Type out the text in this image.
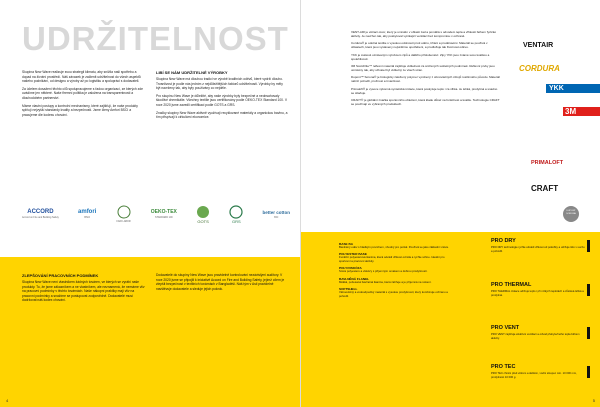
UDRŽITELNOST

Skupina New Wave realizuje svou strategii klimatu, aby snížila naši spotřebu a dopad na životní prostředí. Náš závazek je začlenit udržitelnost do všech aspektů našeho podnikání, od designu a výroby až po logistiku a spolupráci s dodavateli.

Za účelem dosažení těchto cílů spolupracujeme s řadou organizací, ze kterých zde uvádíme jen některé. Naše firemní politika je založena na transparentnosti a dlouhodobém partnerství.

Máme vlastní postupy a kontrolní mechanismy, které zajišťují, že naše produkty splňují nejvyšší standardy kvality a bezpečnosti. Jsme členy Amfori BSCI a pracujeme dle kodexu chování.

LIBÍ SE NÁM UDRŽITELNÉ VÝROBKY

Skupina New Wave má dlouhou tradici ve výrobě kvalitních oděvů, které vydrží dlouho. Trvanlivost je podle nás jedním z nejdůležitějších faktorů udržitelnosti. Výrobky by měly být navrženy tak, aby byly používány co nejdéle.

Pro skupinu New Wave je důležité, aby naše výrobky byly bezpečné a neobsahovaly škodlivé chemikálie. Všechny textilie jsou certifikovány podle OEKO-TEX Standard 100. V roce 2020 jsme zavedli certifikaci podle GOTS a GRS.

Značky skupiny New Wave aktivně využívají recyklované materiály a organickou bavlnu, a tím přispívají k cirkulární ekonomice.

ACCORD
Accord on Fire and Building Safety
amfori
BSCI
FAIR LABOR
OEKO-TEX
STANDARD 100
GOTS	GRS
better cotton
BCI
ZLEPŠOVÁNÍ PRACOVNÍCH PODMÍNEK

Skupina New Wave není vlastníkem žádných továren, ve kterých se vyrábí naše produkty. To, že jsme zákazníkem a ne vlastníkem, ale neznamená, že nemáme vliv na pracovní podmínky v těchto továrnách. Naše nákupní praktiky mají vliv na pracovní podmínky a snažíme se postupovat zodpovědně. Dodavatelé musí dodržovat náš kodex chování.

Dodavatelé do skupiny New Wave jsou pravidelně kontrolováni nezávislými auditory. V roce 2020 jsme se připojili k iniciativě Accord on Fire and Building Safety, jejímž cílem je zlepšit bezpečnost v textilních továrnách v Bangladéši. Náš tým v Asii pravidelně navštěvuje dodavatele a sleduje jejich pokrok.

4

VENT-AIR je větrací otvor, který je umístěn v oblasti zad a pomáhá s odvodem tepla a vlhkosti během fyzické aktivity. Je navržen tak, aby poskytoval vynikající ventilaci bez kompromisu v ochraně.

Cordura® je odolná textilie s vysokou odolností proti oděru, trhání a proděravění. Materiál se používá v oblastech, které jsou vystaveny největšímu opotřebení, a prodlužuje tak životnost oděvu.

YKK je světově uznávaným výrobcem zipů a dalšího příslušenství. Zipy YKK jsou známé svou kvalitou a spolehlivostí.

3M Scotchlite™ reflexní materiál zajišťuje viditelnost za snížených světelných podmínek. Reflexní prvky jsou umístěny tak, aby uživatel byl viditelný ze všech stran.

Dupont™ Sorona® je biologicky založený polymer vyrobený z obnovitelných zdrojů rostlinného původu. Materiál nabízí pohodlí, pružnost a trvanlivost.

Primaloft® je vysoce výkonná syntetická izolace, která poskytuje teplo i za vlhka. Je lehká, prodyšná a snadno se stlačuje.

CRAFT® je globální značka sportovního oblečení, která klade důraz na funkčnost a kvalitu. Technologie CRAFT se používají ve vybraných produktech.

VENTAIR
CORDURA
YKK
3M
PRIMALOFT
CRAFT
DUPONT SORONA
BASE BA

Bavlněný oděv s hladkým povrchem, vhodný pro potisk. Používá se jako základní vrstva.

POLYESTER BASE

Funkční polyesterová tkanina, která odvádí vlhkost od těla a rychle schne. Ideální pro sportovní a pracovní aktivity.

POLY/VISKÓZA

Směs polyesteru a viskózy s příjemným omakem a dobrou prodyšností.

BAVLNĚNÁ FLANEL

Měkká, počesaná bavlněná tkanina, která zahřeje a je příjemná na nošení.

SOFTSHELL

Větruodolný a vodoodpudivý materiál s vysokou prodyšností, který kombinuje ochranu a pohodlí.

PRO DRY
PRO DRY technologie rychle odvádí vlhkost od pokožky a udržuje tělo v suchu a pohodlí.
PRO THERMAL
PRO THERMAL izolace udržuje teplo i při nízkých teplotách a zůstává lehká a prodyšná.
PRO VENT
PRO VENT zajišťuje efektivní ventilaci a odvod přebytečného tepla během aktivity.
PRO TEC
PRO TEC chrání před větrem a deštěm, vodní sloupec min. 10 000 mm, prodyšnost 10 000 g.
5
